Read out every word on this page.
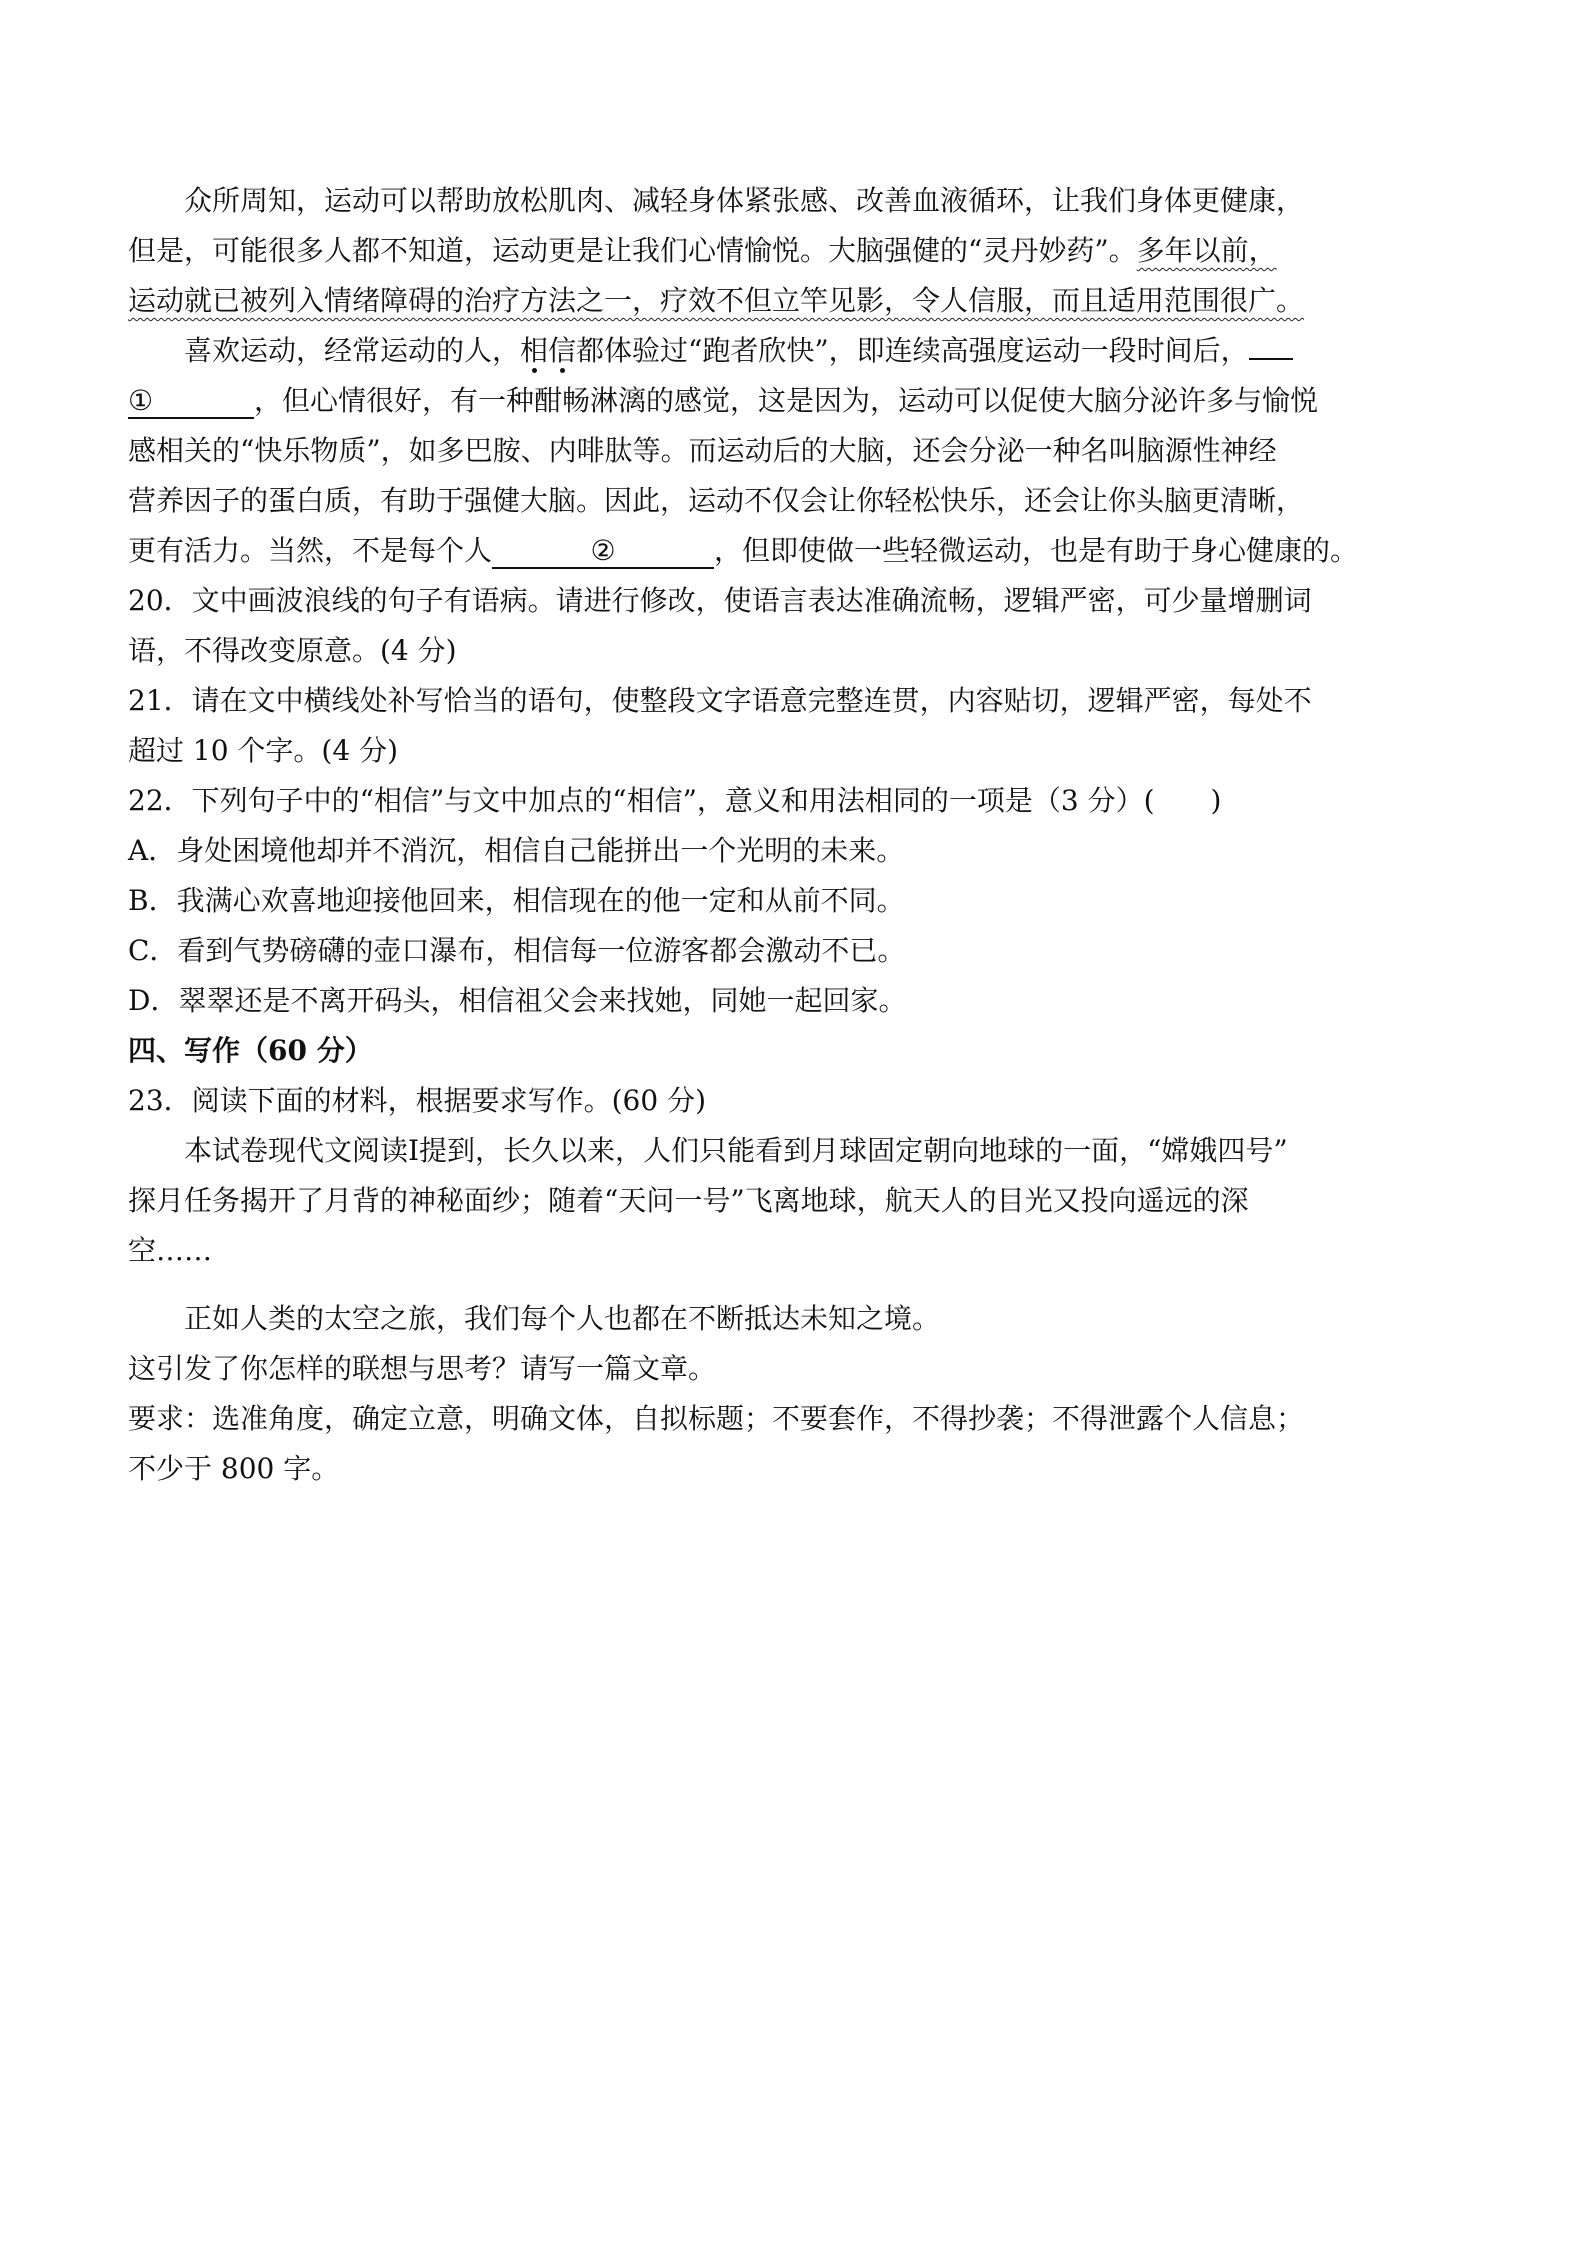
众所周知，运动可以帮助放松肌肉、减轻身体紧张感、改善血液循环，让我们身体更健康，

但是，可能很多人都不知道，运动更是让我们心情愉悦。大脑强健的“灵丹妙药”。多年以前，

运动就已被列入情绪障碍的治疗方法之一，疗效不但立竿见影，令人信服，而且适用范围很广。

喜欢运动，经常运动的人，相信都体验过“跑者欣快”，即连续高强度运动一段时间后，

①	，但心情很好，有一种酣畅淋漓的感觉，这是因为，运动可以促使大脑分泌许多与愉悦

感相关的“快乐物质”，如多巴胺、内啡肽等。而运动后的大脑，还会分泌一种名叫脑源性神经

营养因子的蛋白质，有助于强健大脑。因此，运动不仅会让你轻松快乐，还会让你头脑更清晰，

更有活力。当然，不是每个人	②	，但即使做一些轻微运动，也是有助于身心健康的。

20．文中画波浪线的句子有语病。请进行修改，使语言表达准确流畅，逻辑严密，可少量增删词

语，不得改变原意。(4 分)

21．请在文中横线处补写恰当的语句，使整段文字语意完整连贯，内容贴切，逻辑严密，每处不

超过 10 个字。(4 分)

22．下列句子中的“相信”与文中加点的“相信”，意义和用法相同的一项是（3 分）(　　)

A．身处困境他却并不消沉，相信自己能拼出一个光明的未来。

B．我满心欢喜地迎接他回来，相信现在的他一定和从前不同。

C．看到气势磅礴的壶口瀑布，相信每一位游客都会激动不已。

D．翠翠还是不离开码头，相信祖父会来找她，同她一起回家。

四、写作（60 分）

23．阅读下面的材料，根据要求写作。(60 分)

本试卷现代文阅读Ⅰ提到，长久以来，人们只能看到月球固定朝向地球的一面，“嫦娥四号”

探月任务揭开了月背的神秘面纱；随着“天问一号”飞离地球，航天人的目光又投向遥远的深

空……

正如人类的太空之旅，我们每个人也都在不断抵达未知之境。

这引发了你怎样的联想与思考？请写一篇文章。

要求：选准角度，确定立意，明确文体，自拟标题；不要套作，不得抄袭；不得泄露个人信息；

不少于 800 字。
